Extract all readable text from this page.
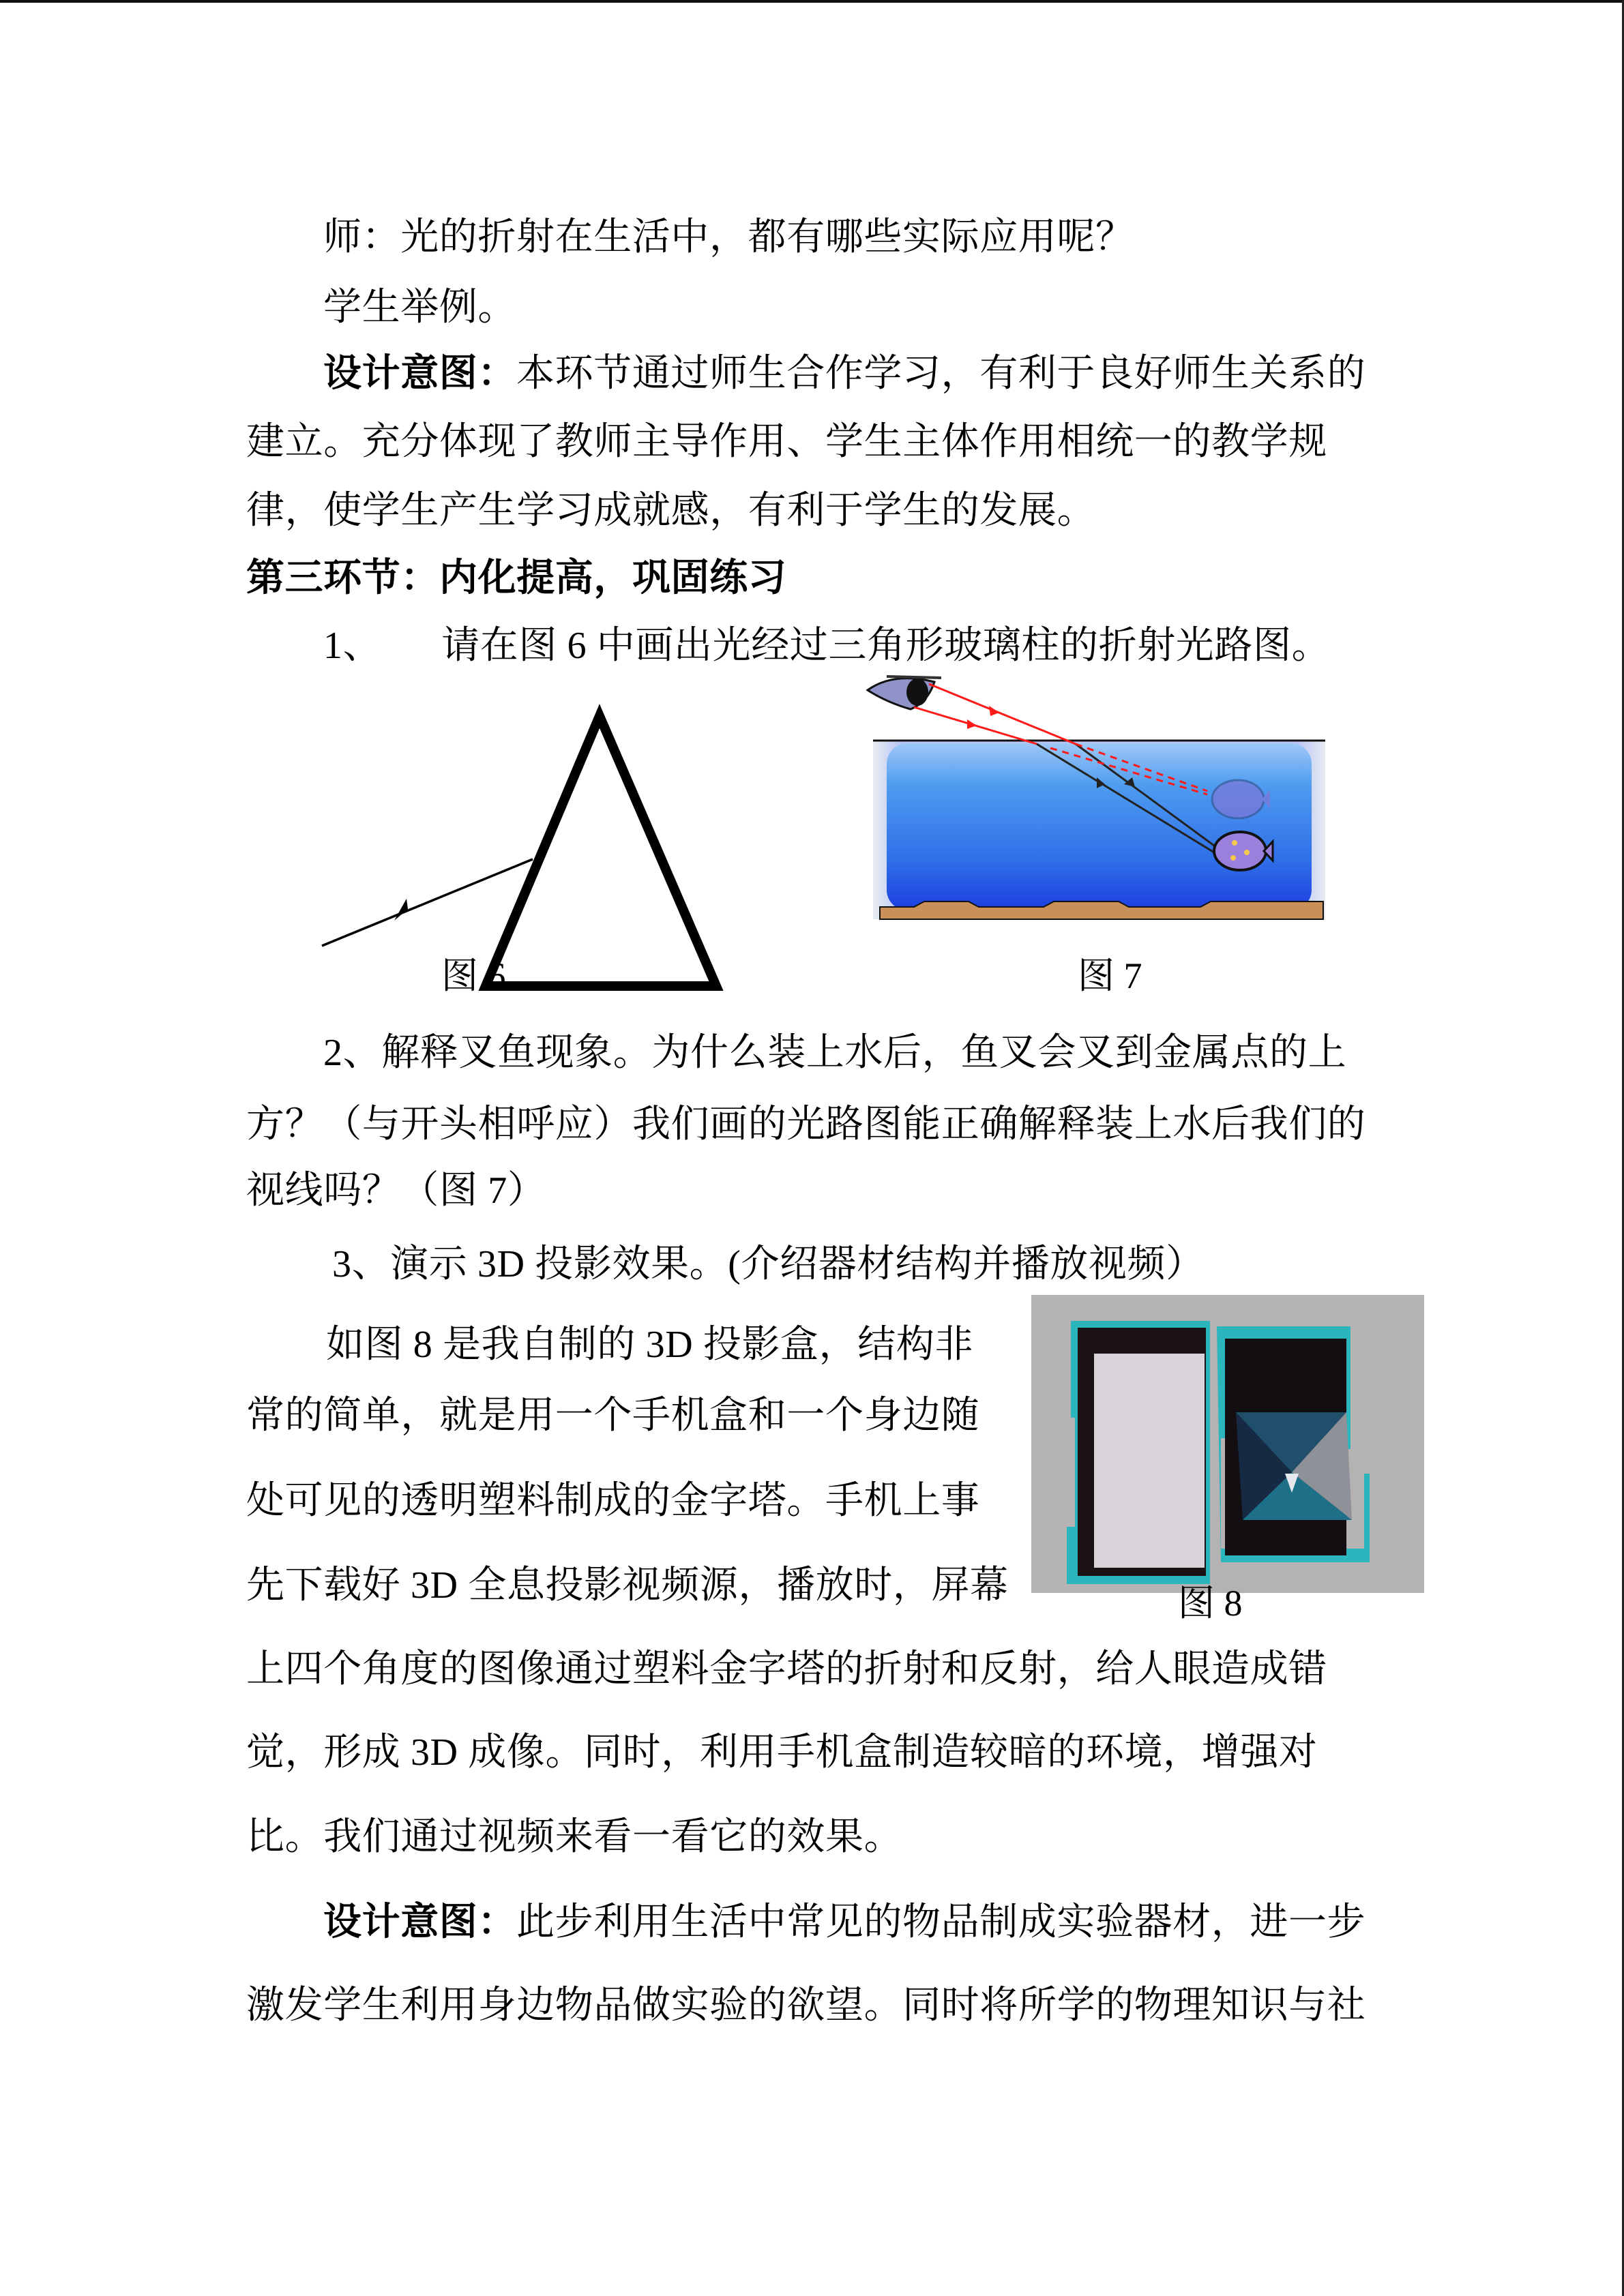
师：光的折射在生活中，都有哪些实际应用呢？
学生举例。
设计意图：本环节通过师生合作学习，有利于良好师生关系的
建立。充分体现了教师主导作用、学生主体作用相统一的教学规
律，使学生产生学习成就感，有利于学生的发展。
第三环节：内化提高，巩固练习
1、 请在图 6 中画出光经过三角形玻璃柱的折射光路图。
图 6	图 7
2、解释叉鱼现象。为什么装上水后，鱼叉会叉到金属点的上
方？（与开头相呼应）我们画的光路图能正确解释装上水后我们的
视线吗？（图 7）
3、演示 3D 投影效果。(介绍器材结构并播放视频）
如图 8 是我自制的 3D 投影盒，结构非
常的简单，就是用一个手机盒和一个身边随
处可见的透明塑料制成的金字塔。手机上事
先下载好 3D 全息投影视频源，播放时，屏幕	图 8
上四个角度的图像通过塑料金字塔的折射和反射，给人眼造成错
觉，形成 3D 成像。同时，利用手机盒制造较暗的环境，增强对
比。我们通过视频来看一看它的效果。
设计意图：此步利用生活中常见的物品制成实验器材，进一步
激发学生利用身边物品做实验的欲望。同时将所学的物理知识与社
